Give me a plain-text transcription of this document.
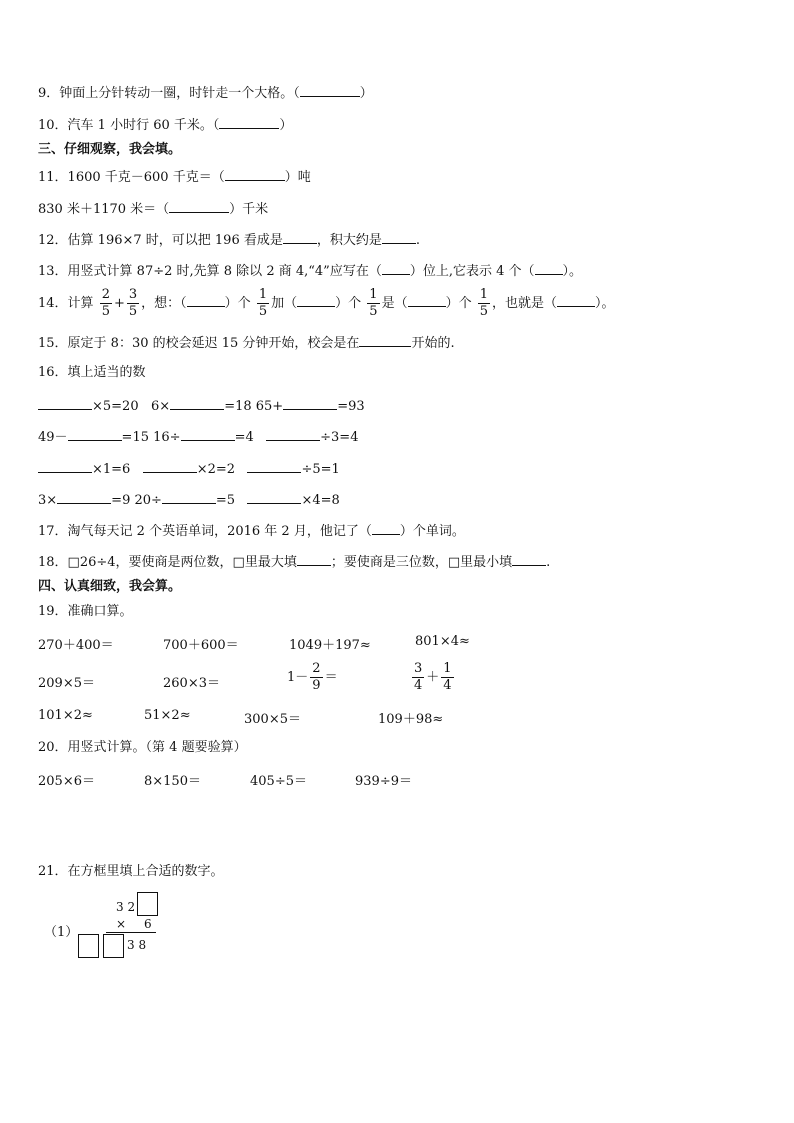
9．钟面上分针转动一圈，时针走一个大格。（	）
10．汽车 1 小时行 60 千米。（	）
三、仔细观察，我会填。
11．1600 千克－600 千克＝（	）吨
830 米＋1170 米＝（	）千米
12．估算 196×7 时，可以把 196 看成是	，积大约是	.
13．用竖式计算 87÷2 时,先算 8 除以 2 商 4,“4”应写在（ ）位上,它表示 4 个（ ）。
14．计算 $\frac{2}{5} + \frac{3}{5}$ ，想：（	）个 $\frac{1}{5}$ 加（	）个 $\frac{1}{5}$ 是（	）个 $\frac{1}{5}$ ，也就是（	）。
15．原定于 8：30 的校会延迟 15 分钟开始，校会是在	开始的.
16．填上适当的数
×5=20 6×	=18 65+	=93
49－	=15 16÷	=4	÷3=4
×1=6	×2=2	÷5=1
3×	=9 20÷	=5	×4=8
17．淘气每天记 2 个英语单词，2016 年 2 月，他记了（ ）个单词。
18．□26÷4，要使商是两位数，□里最大填	；要使商是三位数，□里最小填	.
四、认真细致，我会算。
19．准确口算。
270＋400＝	700＋600＝	1049＋197≈	801×4≈
209×5＝	260×3＝	$1- \frac{2}{9}$ ＝	$\frac{3}{4} + \frac{1}{4}$
101×2≈	51×2≈	300×5＝	109＋98≈
20．用竖式计算。（第 4 题要验算）
205×6＝	8×150＝	405÷5＝	939÷9＝
21．在方框里填上合适的数字。
（1）
3 2
× 6
3 8
